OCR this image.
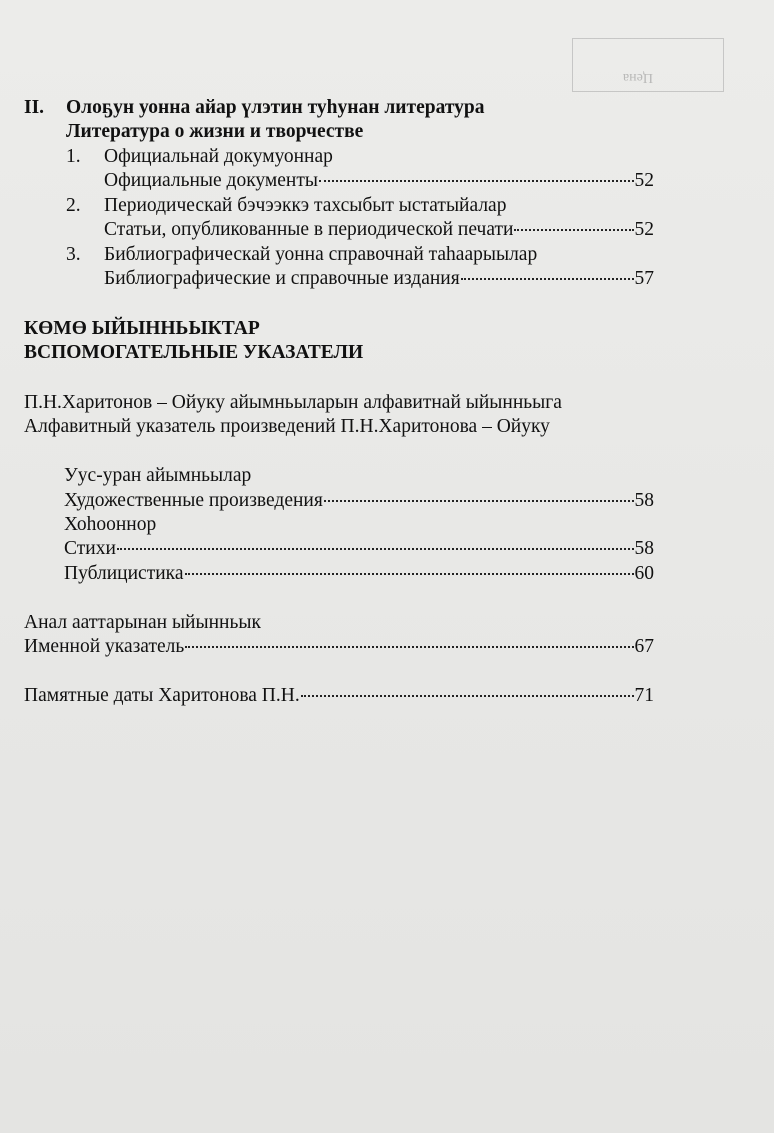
Цена
II. Олоҕун уонна айар үлэтин туһунан литература
Литература о жизни и творчестве
1. Официальнай докумуоннар
Официальные документы	52
2. Периодическай бэчээккэ тахсыбыт ыстатыйалар
Статьи, опубликованные в периодической печати	52
3. Библиографическай уонна справочнай таһаарыылар
Библиографические и справочные издания	57
КӨМӨ ЫЙЫННЬЫКТАР
ВСПОМОГАТЕЛЬНЫЕ УКАЗАТЕЛИ
П.Н.Харитонов – Ойуку айымньыларын алфавитнай ыйынньыга
Алфавитный указатель произведений П.Н.Харитонова – Ойуку
Уус-уран айымньылар
Художественные произведения	58
Хоһооннор
Стихи	58
Публицистика	60
Анал ааттарынан ыйынньык
Именной указатель	67
Памятные даты Харитонова П.Н.	71
